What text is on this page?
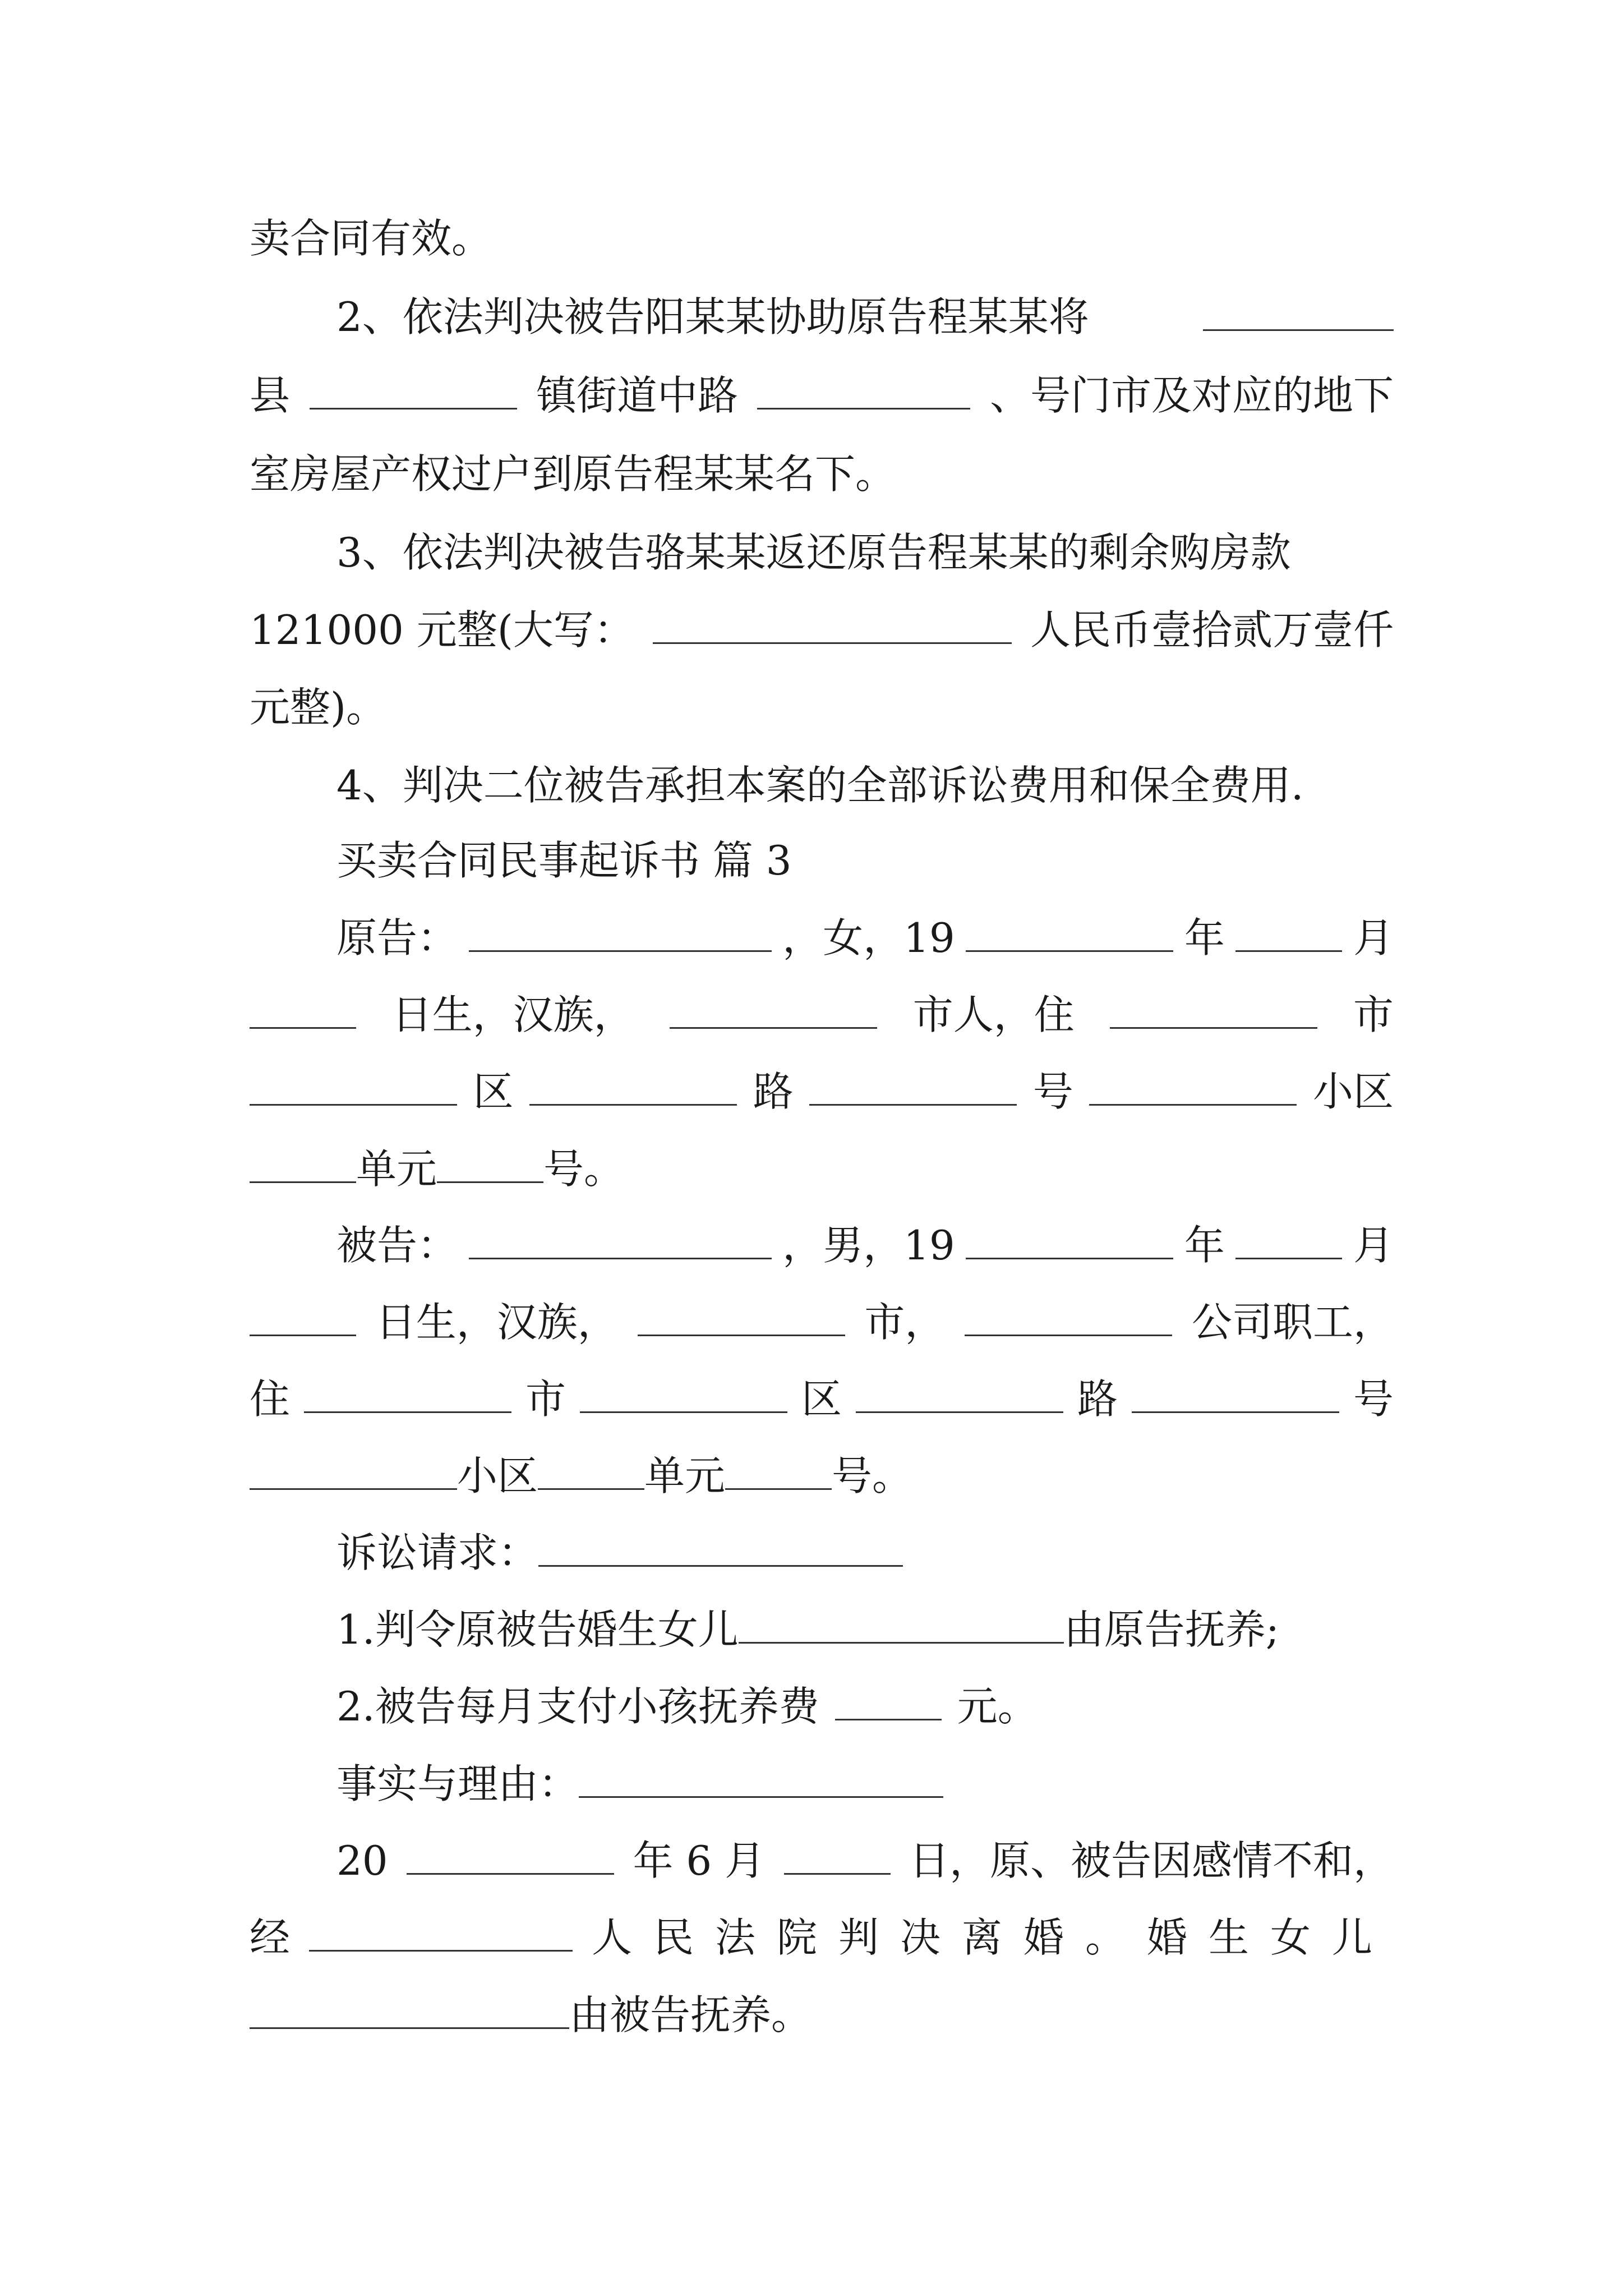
卖合同有效。
2、依法判决被告阳某某协助原告程某某将
县	镇街道中路	、号门市及对应的地下
室房屋产权过户到原告程某某名下。
3、依法判决被告骆某某返还原告程某某的剩余购房款
121000 元整(大写：	人民币壹拾贰万壹仟
元整)。
4、判决二位被告承担本案的全部诉讼费用和保全费用.
买卖合同民事起诉书 篇 3
原告：	，女，19	年	月
日生，汉族，	市人，住	市
区	路	号	小区
单元	号。
被告：	，男，19	年	月
日生，汉族，	市，	公司职工，
住	市	区	路	号
小区	单元	号。
诉讼请求：
1.判令原被告婚生女儿	由原告抚养;
2.被告每月支付小孩抚养费	元。
事实与理由：
20	年 6 月	日，原、被告因感情不和，
经	人民法院判决离婚。婚生女儿
由被告抚养。
